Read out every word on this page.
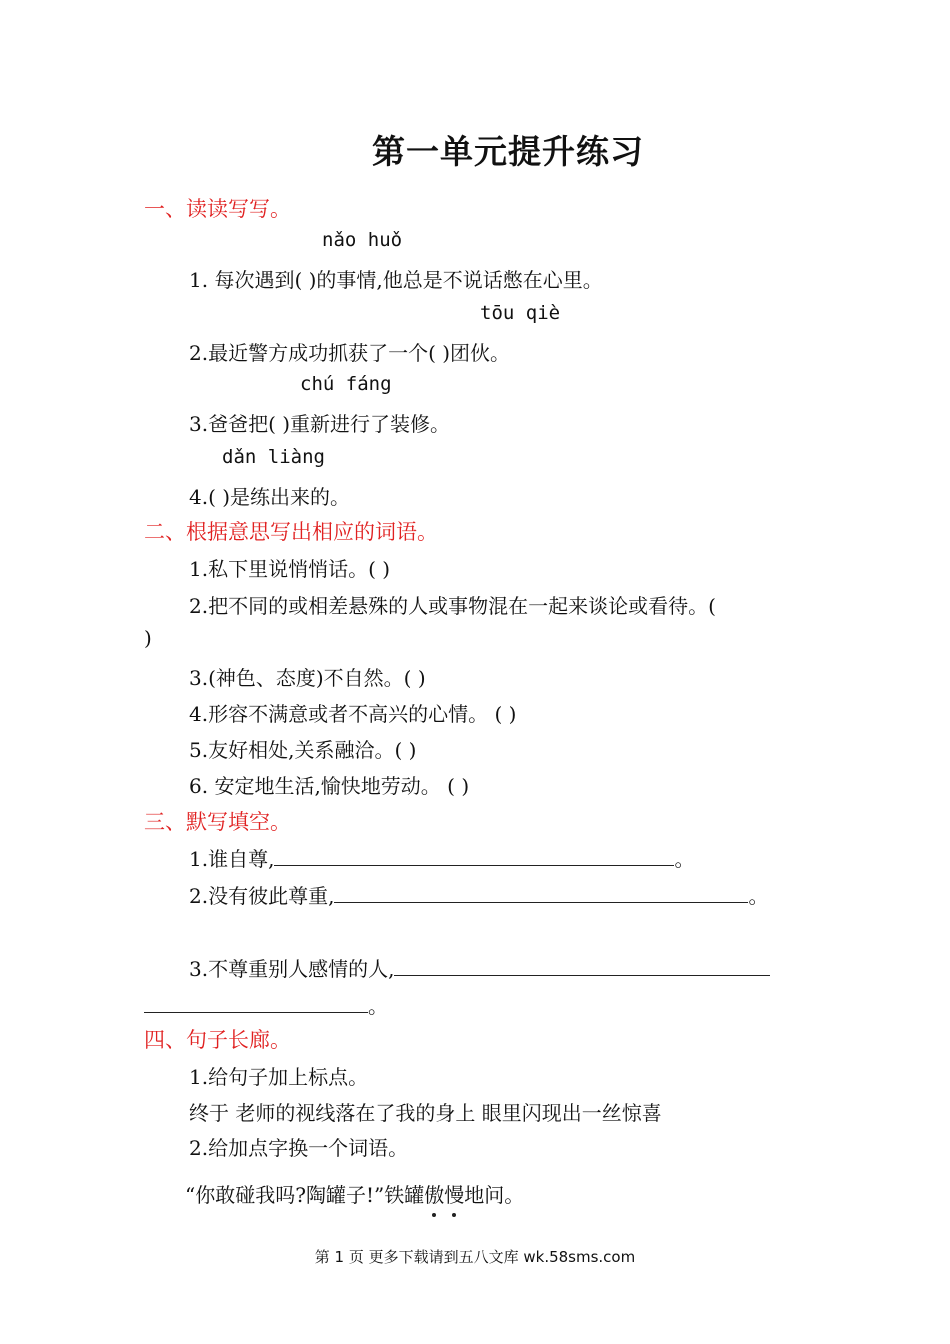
第一单元提升练习
一、读读写写。
nǎo huǒ
1. 每次遇到( )的事情,他总是不说话憋在心里。
tōu qiè
2.最近警方成功抓获了一个( )团伙。
chú fáng
3.爸爸把( )重新进行了装修。
dǎn liàng
4.( )是练出来的。
二、根据意思写出相应的词语。
1.私下里说悄悄话。( )
2.把不同的或相差悬殊的人或事物混在一起来谈论或看待。(
)
3.(神色、态度)不自然。( )
4.形容不满意或者不高兴的心情。 ( )
5.友好相处,关系融洽。( )
6. 安定地生活,愉快地劳动。 ( )
三、默写填空。
1.谁自尊,	。
2.没有彼此尊重,	。
3.不尊重别人感情的人,
。
四、句子长廊。
1.给句子加上标点。
终于 老师的视线落在了我的身上 眼里闪现出一丝惊喜
2.给加点字换一个词语。
“你敢碰我吗?陶罐子!”铁罐傲慢
地问。
第 1 页 更多下载请到五八文库 wk.58sms.com
